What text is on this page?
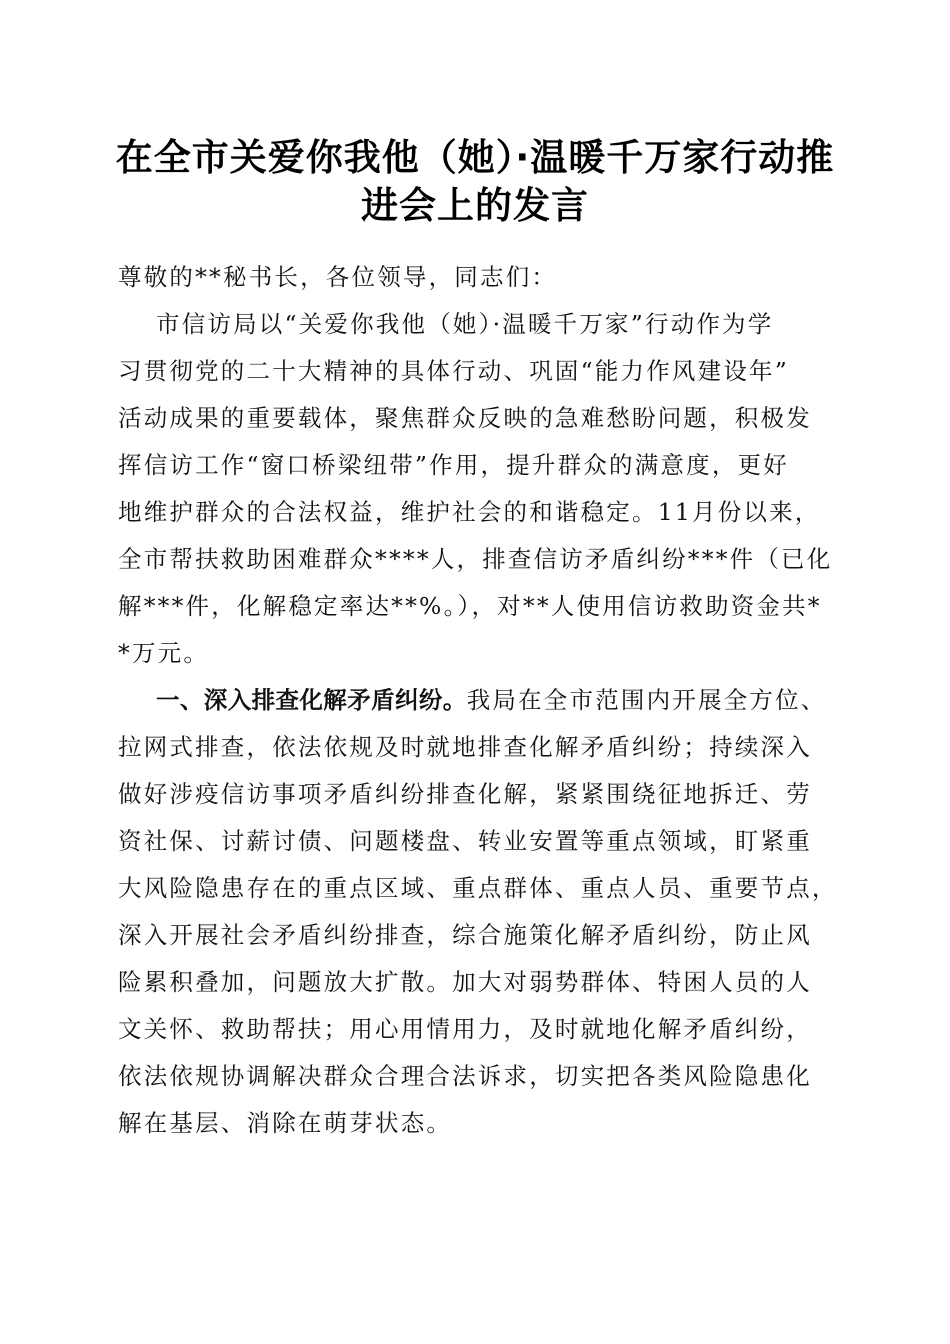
在全市关爱你我他（她）·温暖千万家行动推
进会上的发言
尊敬的**秘书长，各位领导，同志们：
市信访局以“关爱你我他（她）·温暖千万家”行动作为学
习贯彻党的二十大精神的具体行动、巩固“能力作风建设年”
活动成果的重要载体，聚焦群众反映的急难愁盼问题，积极发
挥信访工作“窗口桥梁纽带”作用，提升群众的满意度，更好
地维护群众的合法权益，维护社会的和谐稳定。11月份以来，
全市帮扶救助困难群众****人，排查信访矛盾纠纷***件（已化
解***件，化解稳定率达**%。），对**人使用信访救助资金共*
*万元。
一、深入排查化解矛盾纠纷。我局在全市范围内开展全方位、
拉网式排查，依法依规及时就地排查化解矛盾纠纷；持续深入
做好涉疫信访事项矛盾纠纷排查化解，紧紧围绕征地拆迁、劳
资社保、讨薪讨债、问题楼盘、转业安置等重点领域，盯紧重
大风险隐患存在的重点区域、重点群体、重点人员、重要节点，
深入开展社会矛盾纠纷排查，综合施策化解矛盾纠纷，防止风
险累积叠加，问题放大扩散。加大对弱势群体、特困人员的人
文关怀、救助帮扶；用心用情用力，及时就地化解矛盾纠纷，
依法依规协调解决群众合理合法诉求，切实把各类风险隐患化
解在基层、消除在萌芽状态。
